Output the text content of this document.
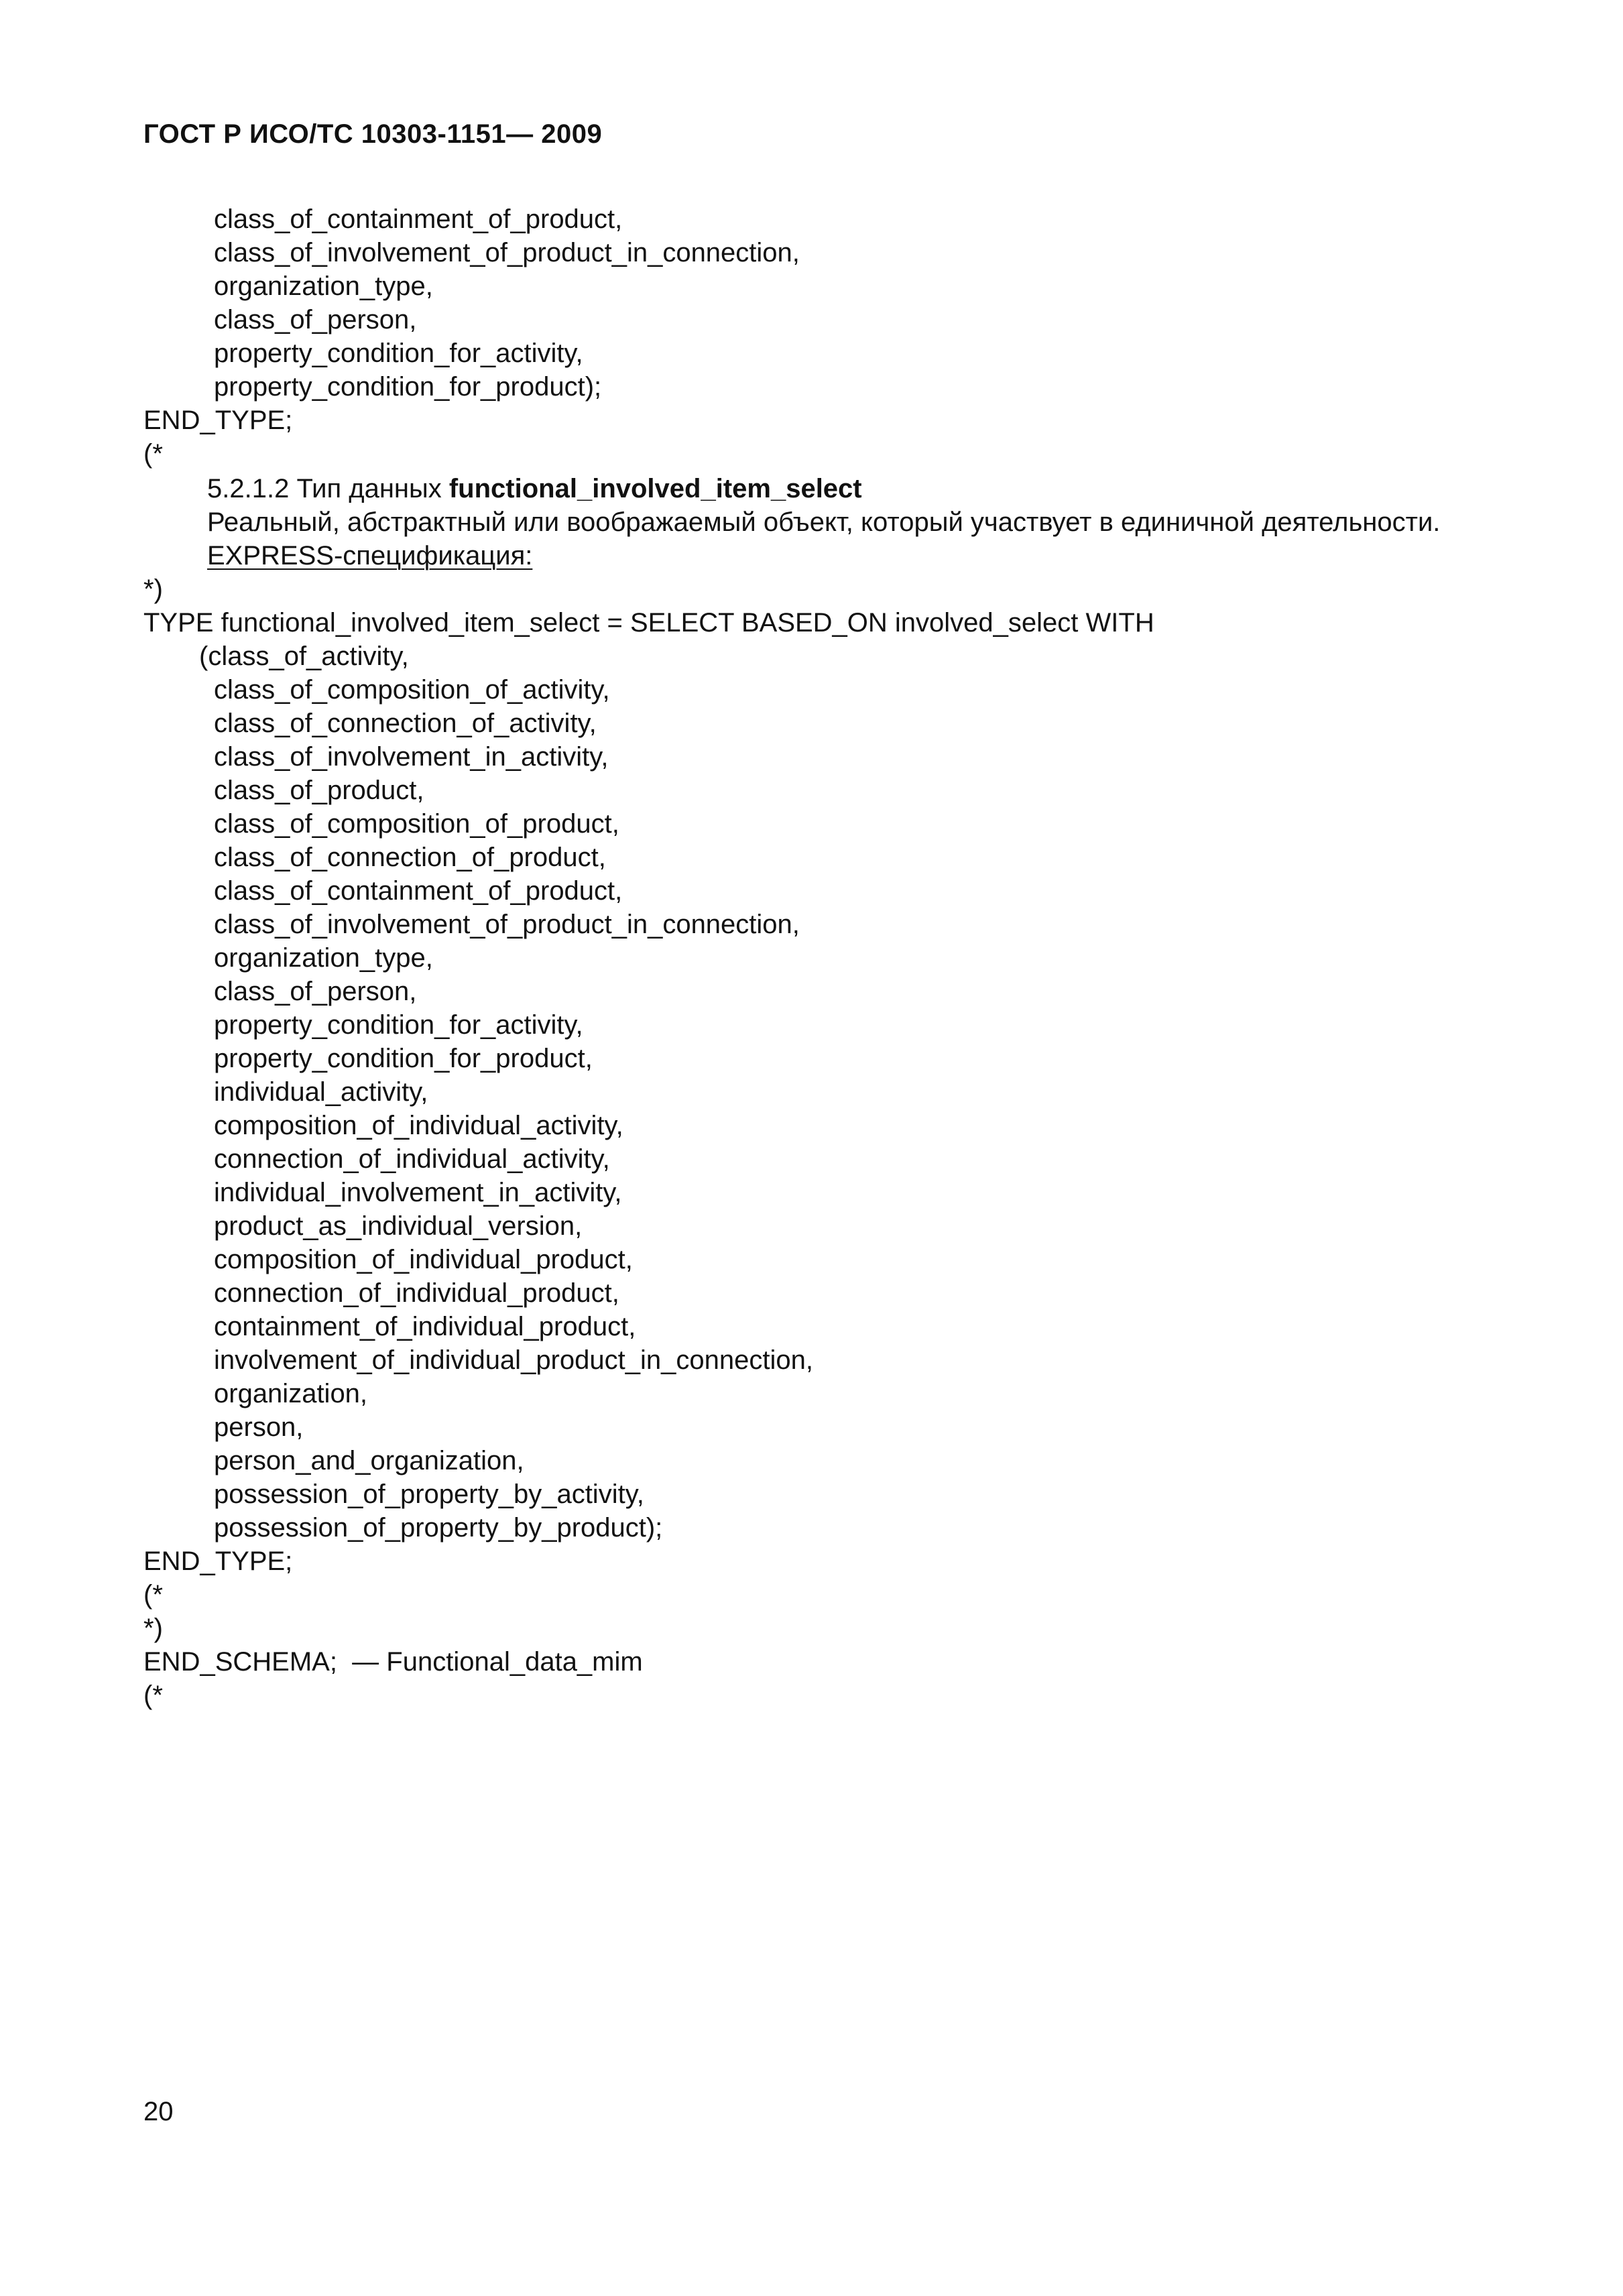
ГОСТ Р ИСО/ТС 10303-1151— 2009
class_of_containment_of_product,
class_of_involvement_of_product_in_connection,
organization_type,
class_of_person,
property_condition_for_activity,
property_condition_for_product);
END_TYPE;
(*
5.2.1.2 Тип данных functional_involved_item_select
Реальный, абстрактный или воображаемый объект, который участвует в единичной деятельности.
EXPRESS-спецификация:
*)
TYPE functional_involved_item_select = SELECT BASED_ON involved_select WITH
(class_of_activity,
class_of_composition_of_activity,
class_of_connection_of_activity,
class_of_involvement_in_activity,
class_of_product,
class_of_composition_of_product,
class_of_connection_of_product,
class_of_containment_of_product,
class_of_involvement_of_product_in_connection,
organization_type,
class_of_person,
property_condition_for_activity,
property_condition_for_product,
individual_activity,
composition_of_individual_activity,
connection_of_individual_activity,
individual_involvement_in_activity,
product_as_individual_version,
composition_of_individual_product,
connection_of_individual_product,
containment_of_individual_product,
involvement_of_individual_product_in_connection,
organization,
person,
person_and_organization,
possession_of_property_by_activity,
possession_of_property_by_product);
END_TYPE;
(*
*)
END_SCHEMA;  — Functional_data_mim
(*
20
